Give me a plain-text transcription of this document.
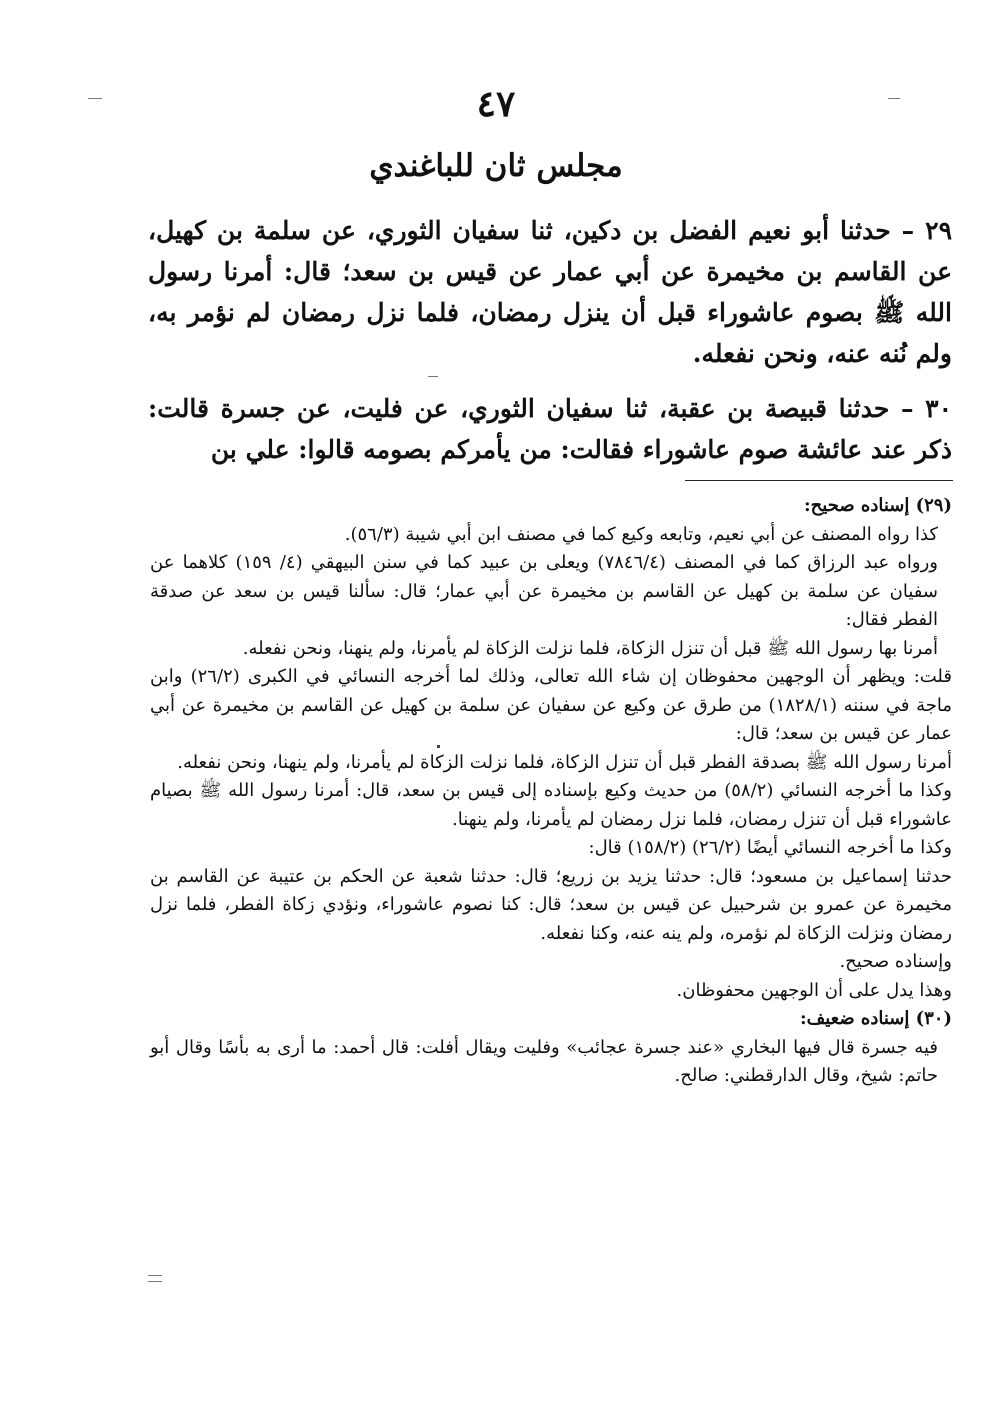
٤٧
مجلس ثان للباغندي

٢٩ – حدثنا أبو نعيم الفضل بن دكين، ثنا سفيان الثوري، عن سلمة بن كهيل، عن القاسم بن مخيمرة عن أبي عمار عن قيس بن سعد؛ قال: أمرنا رسول الله ﷺ بصوم عاشوراء قبل أن ينزل رمضان، فلما نزل رمضان لم نؤمر به، ولم نُنه عنه، ونحن نفعله.

٣٠ – حدثنا قبيصة بن عقبة، ثنا سفيان الثوري، عن فليت، عن جسرة قالت: ذكر عند عائشة صوم عاشوراء فقالت: من يأمركم بصومه قالوا: علي بن

(٢٩) إسناده صحيح:

كذا رواه المصنف عن أبي نعيم، وتابعه وكيع كما في مصنف ابن أبي شيبة (٥٦/٣).

ورواه عبد الرزاق كما في المصنف (٧٨٤٦/٤) ويعلى بن عبيد كما في سنن البيهقي (٤/ ١٥٩) كلاهما عن سفيان عن سلمة بن كهيل عن القاسم بن مخيمرة عن أبي عمار؛ قال: سألنا قيس بن سعد عن صدقة الفطر فقال:

أمرنا بها رسول الله ﷺ قبل أن تنزل الزكاة، فلما نزلت الزكاة لم يأمرنا، ولم ينهنا، ونحن نفعله.

قلت: ويظهر أن الوجهين محفوظان إن شاء الله تعالى، وذلك لما أخرجه النسائي في الكبرى (٢٦/٢) وابن ماجة في سننه (١٨٢٨/١) من طرق عن وكيع عن سفيان عن سلمة بن كهيل عن القاسم بن مخيمرة عن أبي عمار عن قيس بن سعد؛ قال:

أمرنا رسول الله ﷺ بصدقة الفطر قبل أن تنزل الزكاة، فلما نزلت الزكاة لم يأمرنا، ولم ينهنا، ونحن نفعله.

وكذا ما أخرجه النسائي (٥٨/٢) من حديث وكيع بإسناده إلى قيس بن سعد، قال: أمرنا رسول الله ﷺ بصيام عاشوراء قبل أن تنزل رمضان، فلما نزل رمضان لم يأمرنا، ولم ينهنا.

وكذا ما أخرجه النسائي أيضًا (٢٦/٢) (١٥٨/٢) قال:

حدثنا إسماعيل بن مسعود؛ قال: حدثنا يزيد بن زريع؛ قال: حدثنا شعبة عن الحكم بن عتيبة عن القاسم بن مخيمرة عن عمرو بن شرحبيل عن قيس بن سعد؛ قال: كنا نصوم عاشوراء، ونؤدي زكاة الفطر، فلما نزل رمضان ونزلت الزكاة لم نؤمره، ولم ينه عنه، وكنا نفعله.

وإسناده صحيح.

وهذا يدل على أن الوجهين محفوظان.

(٣٠) إسناده ضعيف:

فيه جسرة قال فيها البخاري «عند جسرة عجائب» وفليت ويقال أفلت: قال أحمد: ما أرى به بأسًا وقال أبو حاتم: شيخ، وقال الدارقطني: صالح.
